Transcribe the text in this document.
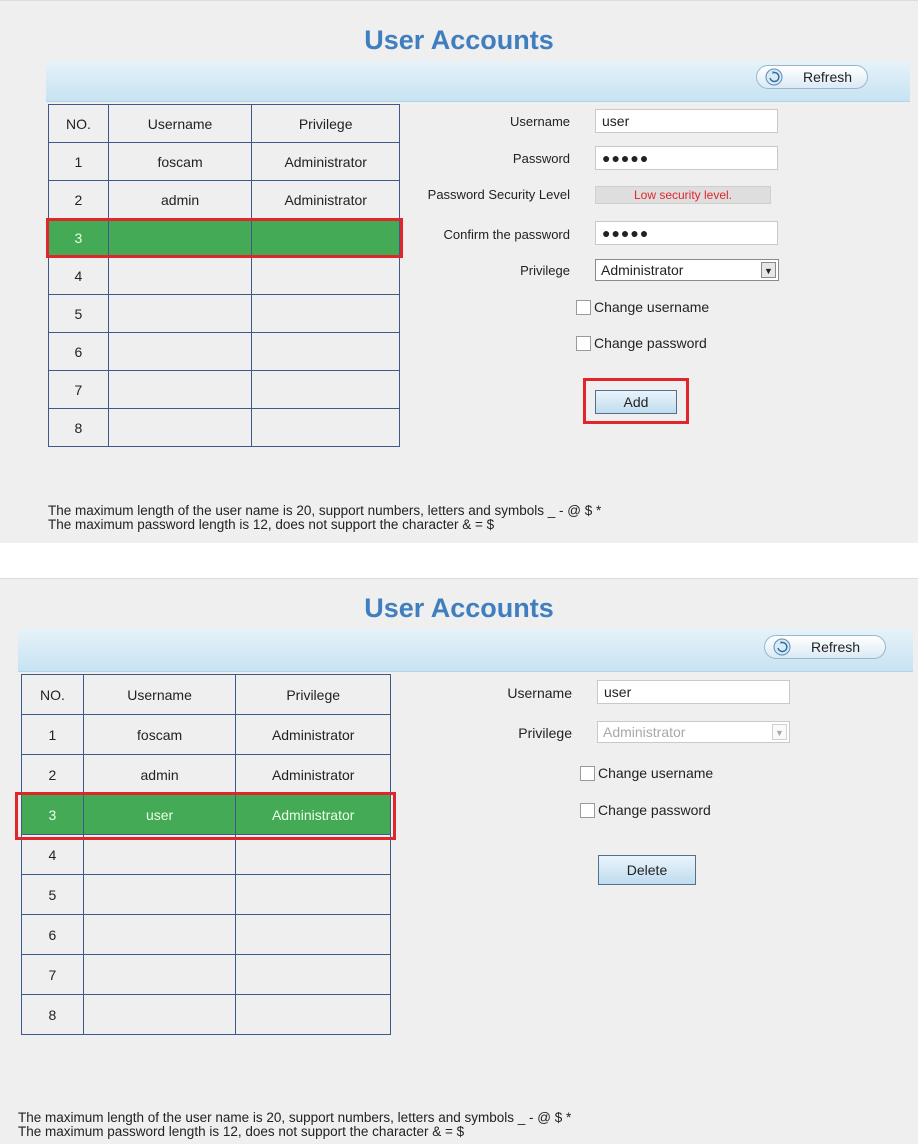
User Accounts
Refresh
NO.	Username	Privilege
1	foscam	Administrator
2	admin	Administrator
3		
4		
5		
6		
7		
8		
Username	user
Password	●●●●●
Password Security Level	Low security level.
Confirm the password	●●●●●
Privilege	Administrator	▼
Change username
Change password
Add
The maximum length of the user name is 20, support numbers, letters and symbols _ - @ $ *
The maximum password length is 12, does not support the character & = $
User Accounts
Refresh
NO.	Username	Privilege
1	foscam	Administrator
2	admin	Administrator
3	user	Administrator
4		
5		
6		
7		
8		
Username	user
Privilege	Administrator	▼
Change username
Change password
Delete
The maximum length of the user name is 20, support numbers, letters and symbols _ - @ $ *
The maximum password length is 12, does not support the character & = $
